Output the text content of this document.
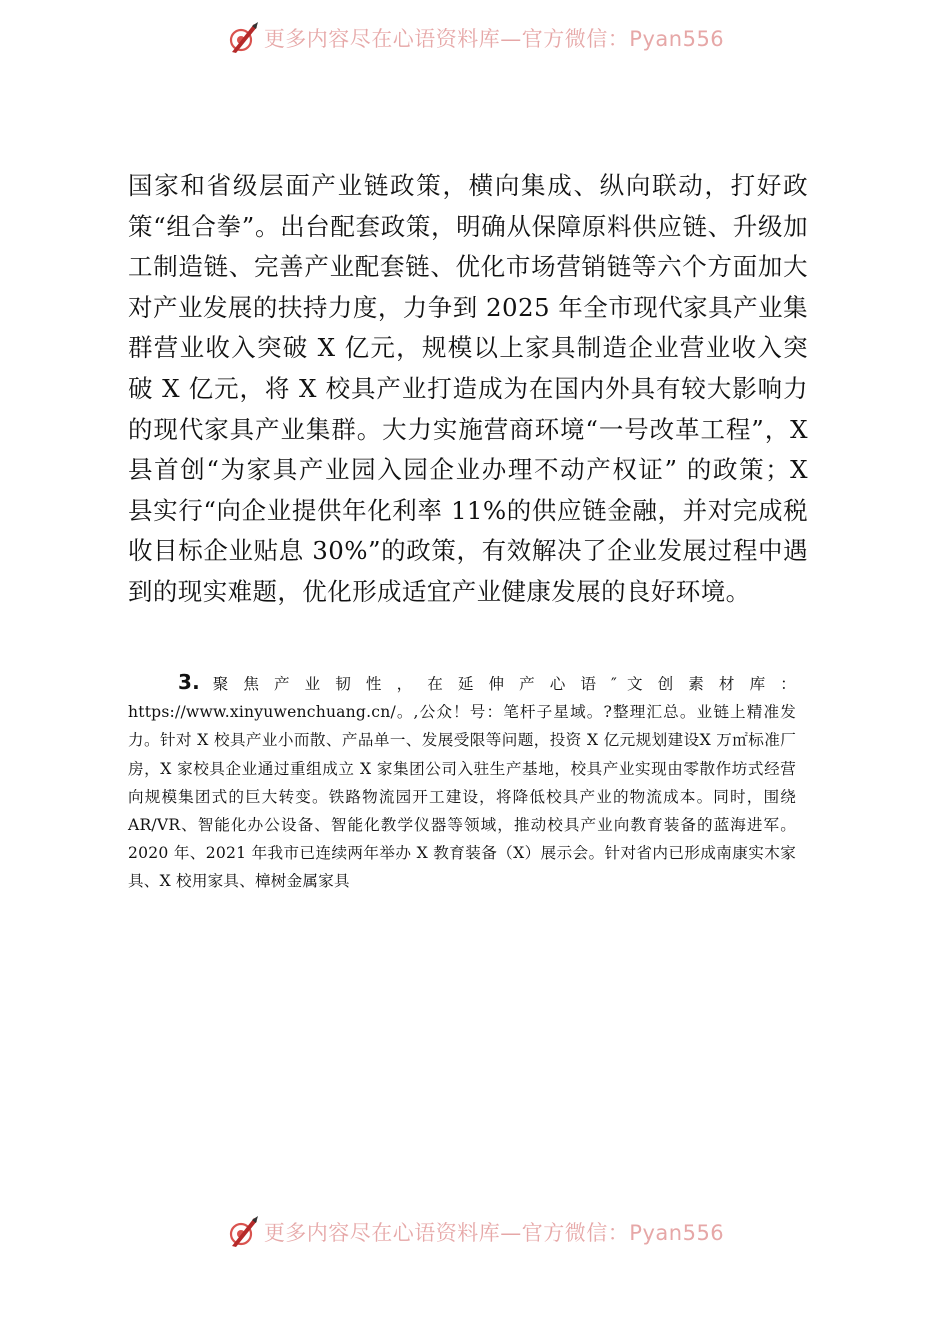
更多内容尽在心语资料库—官方微信：Pyan556

国家和省级层面产业链政策，横向集成、纵向联动，打好政策“组合拳”。出台配套政策，明确从保障原料供应链、升级加工制造链、完善产业配套链、优化市场营销链等六个方面加大对产业发展的扶持力度，力争到 2025 年全市现代家具产业集群营业收入突破 X 亿元，规模以上家具制造企业营业收入突破 X 亿元，将 X 校具产业打造成为在国内外具有较大影响力的现代家具产业集群。大力实施营商环境“一号改革工程”，X 县首创“为家具产业园入园企业办理不动产权证” 的政策；X 县实行“向企业提供年化利率 11%的供应链金融，并对完成税收目标企业贴息 30%”的政策，有效解决了企业发展过程中遇到的现实难题，优化形成适宜产业健康发展的良好环境。

3. 聚 焦 产 业 韧 性 ， 在 延 伸 产 心 语 ″ 文 创 素 材 库 ： https://www.xinyuwenchuang.cn/。,公众！号：笔杆子星域。?整理汇总。业链上精准发力。针对 X 校具产业小而散、产品单一、发展受限等问题，投资 X 亿元规划建设X 万㎡标准厂房，X 家校具企业通过重组成立 X 家集团公司入驻生产基地，校具产业实现由零散作坊式经营向规模集团式的巨大转变。铁路物流园开工建设，将降低校具产业的物流成本。同时，围绕 AR/VR、智能化办公设备、智能化教学仪器等领域，推动校具产业向教育装备的蓝海进军。2020 年、2021 年我市已连续两年举办 X 教育装备（X）展示会。针对省内已形成南康实木家具、X 校用家具、樟树金属家具

更多内容尽在心语资料库—官方微信：Pyan556
